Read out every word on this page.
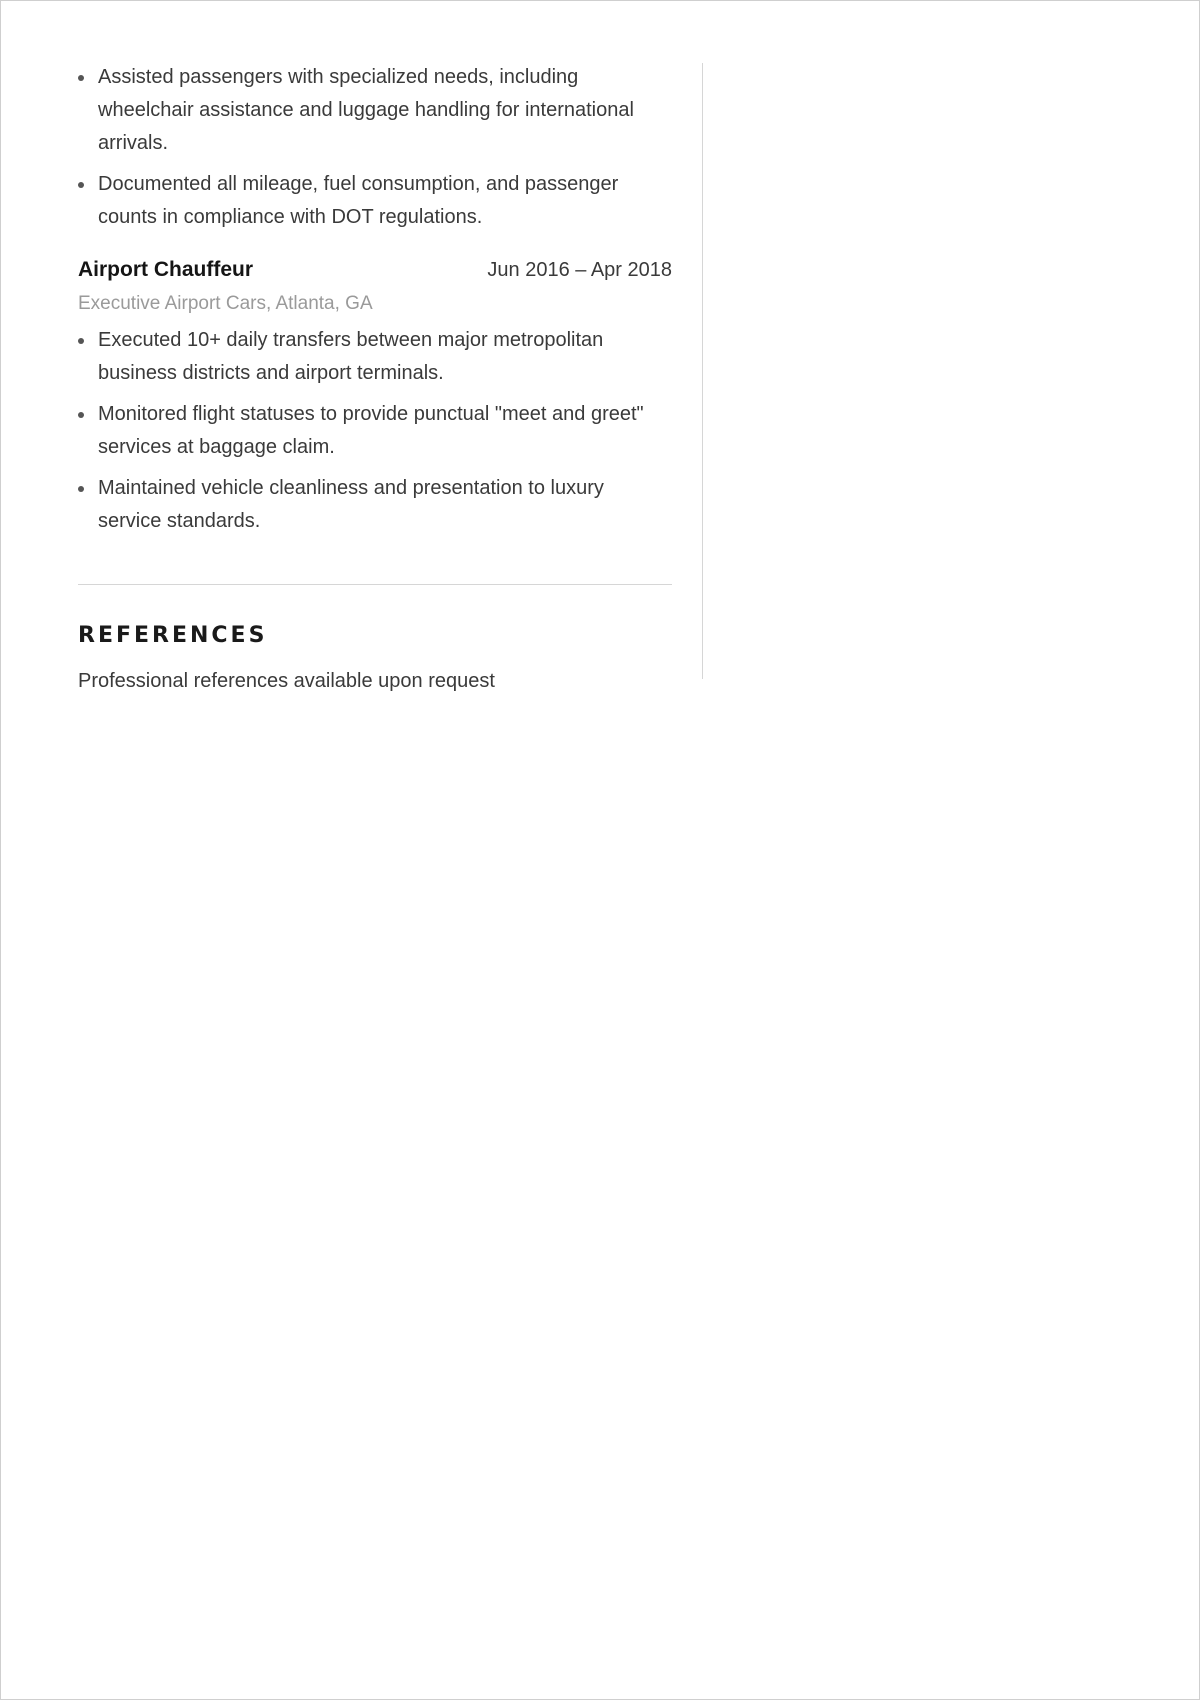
Assisted passengers with specialized needs, including wheelchair assistance and luggage handling for international arrivals.
Documented all mileage, fuel consumption, and passenger counts in compliance with DOT regulations.
Airport Chauffeur	Jun 2016 – Apr 2018
Executive Airport Cars, Atlanta, GA
Executed 10+ daily transfers between major metropolitan business districts and airport terminals.
Monitored flight statuses to provide punctual "meet and greet" services at baggage claim.
Maintained vehicle cleanliness and presentation to luxury service standards.
REFERENCES
Professional references available upon request
